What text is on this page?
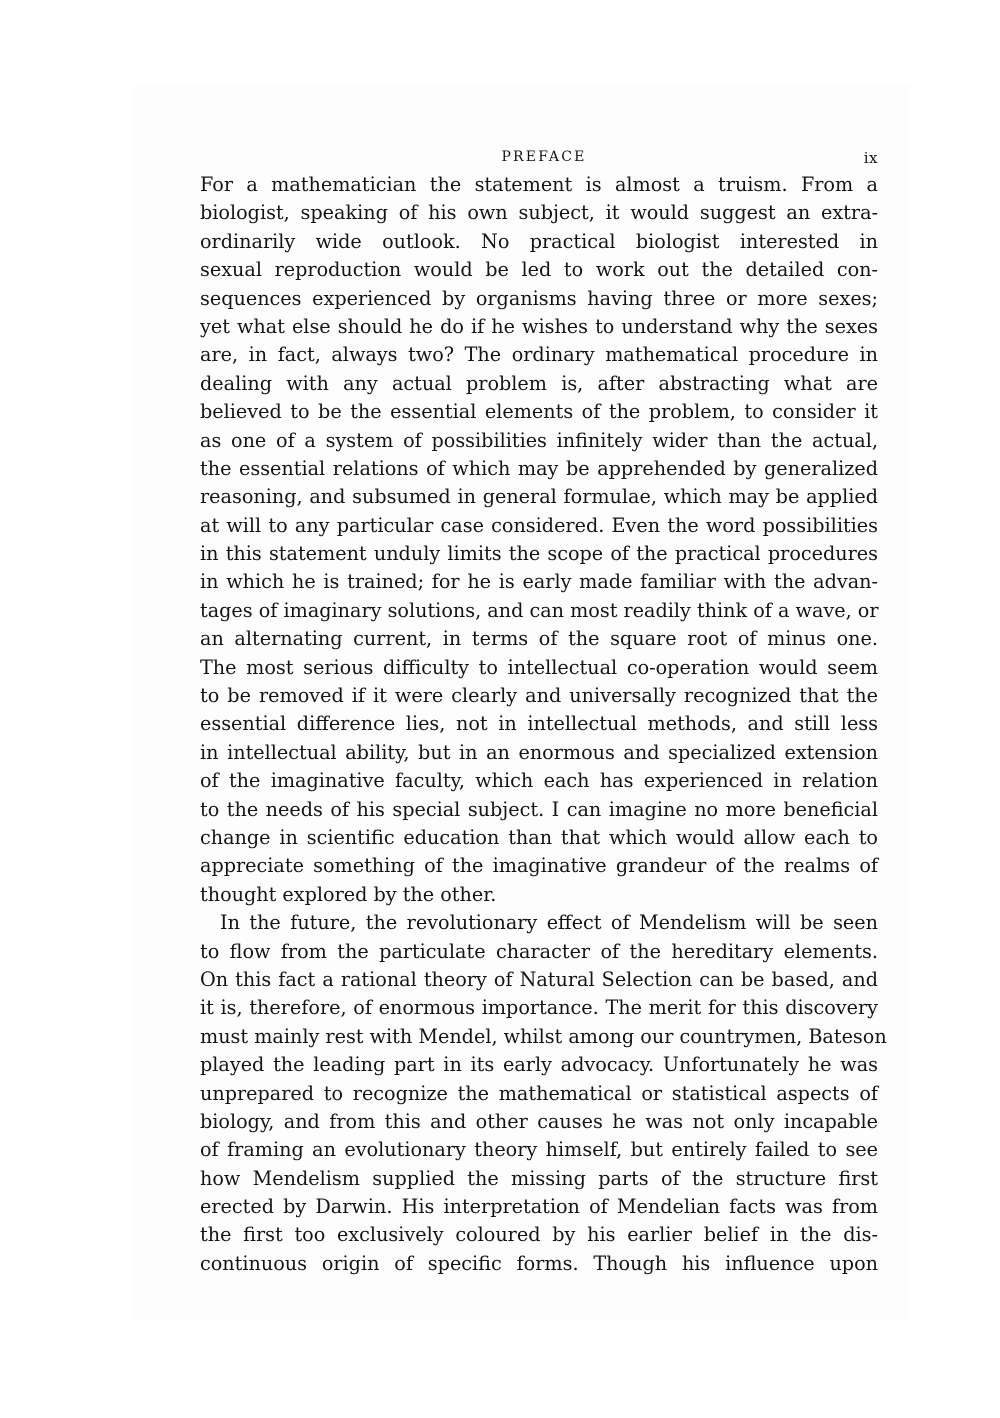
PREFACE	ix
For a mathematician the statement is almost a truism. From a
biologist, speaking of his own subject, it would suggest an extra-
ordinarily wide outlook. No practical biologist interested in
sexual reproduction would be led to work out the detailed con-
sequences experienced by organisms having three or more sexes;
yet what else should he do if he wishes to understand why the sexes
are, in fact, always two? The ordinary mathematical procedure in
dealing with any actual problem is, after abstracting what are
believed to be the essential elements of the problem, to consider it
as one of a system of possibilities infinitely wider than the actual,
the essential relations of which may be apprehended by generalized
reasoning, and subsumed in general formulae, which may be applied
at will to any particular case considered. Even the word possibilities
in this statement unduly limits the scope of the practical procedures
in which he is trained; for he is early made familiar with the advan-
tages of imaginary solutions, and can most readily think of a wave, or
an alternating current, in terms of the square root of minus one.
The most serious difficulty to intellectual co-operation would seem
to be removed if it were clearly and universally recognized that the
essential difference lies, not in intellectual methods, and still less
in intellectual ability, but in an enormous and specialized extension
of the imaginative faculty, which each has experienced in relation
to the needs of his special subject. I can imagine no more beneficial
change in scientific education than that which would allow each to
appreciate something of the imaginative grandeur of the realms of
thought explored by the other.
In the future, the revolutionary effect of Mendelism will be seen
to flow from the particulate character of the hereditary elements.
On this fact a rational theory of Natural Selection can be based, and
it is, therefore, of enormous importance. The merit for this discovery
must mainly rest with Mendel, whilst among our countrymen, Bateson
played the leading part in its early advocacy. Unfortunately he was
unprepared to recognize the mathematical or statistical aspects of
biology, and from this and other causes he was not only incapable
of framing an evolutionary theory himself, but entirely failed to see
how Mendelism supplied the missing parts of the structure first
erected by Darwin. His interpretation of Mendelian facts was from
the first too exclusively coloured by his earlier belief in the dis-
continuous origin of specific forms. Though his influence upon
